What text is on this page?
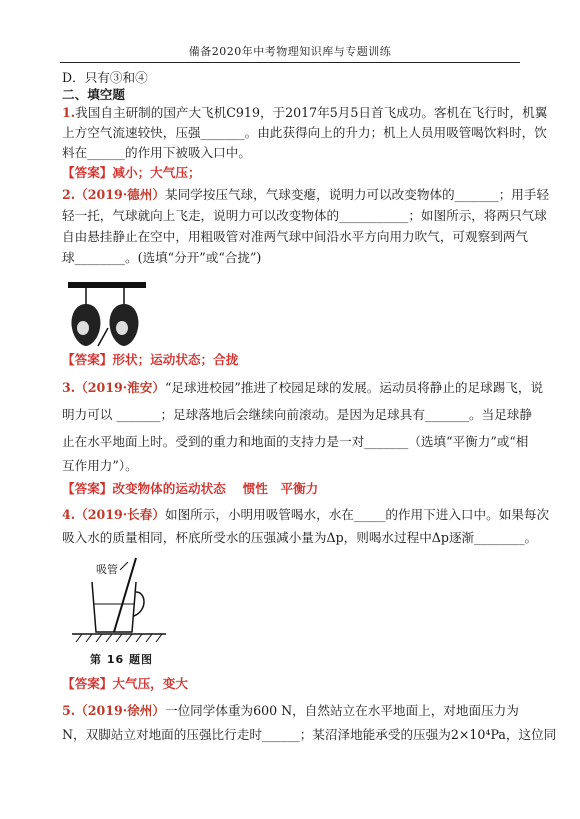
備备2020年中考物理知识库与专题训练
D．只有③和④
二、填空题
1.我国自主研制的国产大飞机C919，于2017年5月5日首飞成功。客机在飞行时，机翼
上方空气流速较快，压强_______。由此获得向上的升力；机上人员用吸管喝饮料时，饮
料在______的作用下被吸入口中。
【答案】减小；大气压；
2.（2019·德州）某同学按压气球，气球变瘪，说明力可以改变物体的_______；用手轻
轻一托，气球就向上飞走，说明力可以改变物体的___________；如图所示，将两只气球
自由悬挂静止在空中，用粗吸管对准两气球中间沿水平方向用力吹气，可观察到两气
球________。(选填“分开”或“合拢”)
【答案】形状；运动状态；合拢
3.（2019·淮安）“足球进校园”推进了校园足球的发展。运动员将静止的足球踢飞，说
明力可以 _______；足球落地后会继续向前滚动。是因为足球具有_______。当足球静
止在水平地面上时。受到的重力和地面的支持力是一对_______（选填“平衡力”或“相
互作用力”）。
【答案】改变物体的运动状态　 惯性　平衡力
4.（2019·长春）如图所示，小明用吸管喝水，水在_____的作用下进入口中。如果每次
吸入水的质量相同，杯底所受水的压强减小量为Δp，则喝水过程中Δp逐渐________。
吸管
第 16 题图
【答案】大气压，变大
5.（2019·徐州）一位同学体重为600 N，自然站立在水平地面上，对地面压力为
N，双脚站立对地面的压强比行走时______；某沼泽地能承受的压强为2×10⁴Pa，这位同
